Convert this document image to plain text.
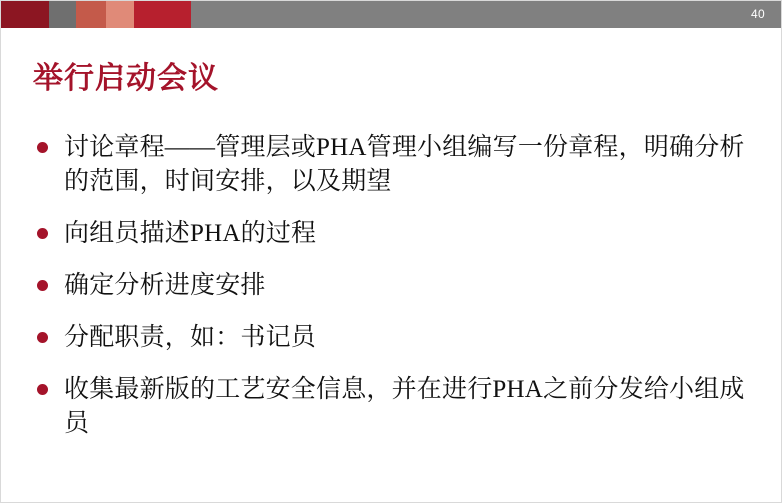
40
举行启动会议
讨论章程——管理层或PHA管理小组编写一份章程，明确分析的范围，时间安排，以及期望
向组员描述PHA的过程
确定分析进度安排
分配职责，如：书记员
收集最新版的工艺安全信息，并在进行PHA之前分发给小组成员
